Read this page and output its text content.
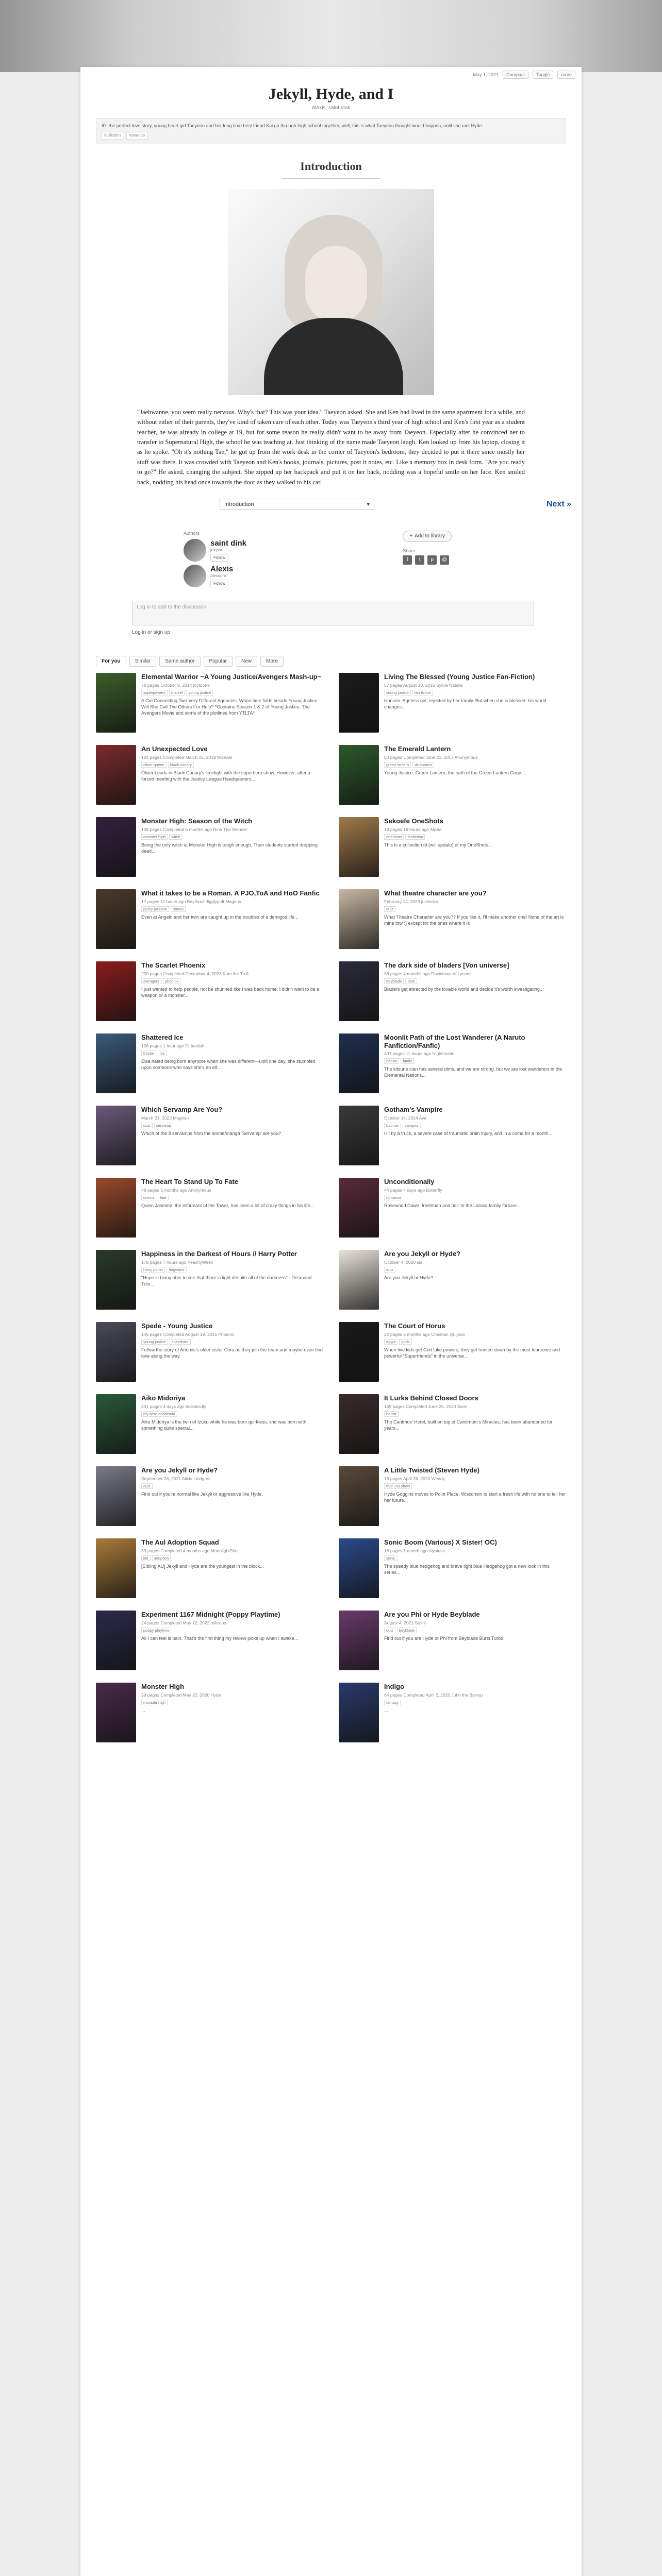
May 1, 2021	Compact	Toggle	more
Jekyll, Hyde, and I
Alexis, saint dink
It's the perfect love story, young heart girl Taeyeon and her long time best friend Kai go through high school together, well, this is what Taeyeon thought would happen, until she met Hyde.
fanfiction	romance
Introduction

"Jaehwanne, you seem really nervous. Why's that? This was your idea." Taeyeon asked. She and Ken had lived in the same apartment for a while, and without either of their parents, they've kind of taken care of each other. Today was Taeyeon's third year of high school and Ken's first year as a student teacher, he was already in college at 19, but for some reason he really didn't want to be away from Taeyeon. Especially after he convinced her to transfer to Supernatural High, the school he was teaching at. Just thinking of the name made Taeyeon laugh. Ken looked up from his laptop, closing it as he spoke. "Oh it's nothing Tae," he got up from the work desk in the corner of Taeyeon's bedroom, they decided to put it there since mostly her stuff was there. It was crowded with Taeyeon and Ken's books, journals, pictures, post it notes, etc. Like a memory box in desk form. "Are you ready to go?" He asked, changing the subject. She zipped up her backpack and put it on her back, nodding was a hopeful smile on her face. Ken smiled back, nodding his head once towards the door as they walked to his car.

Introduction	▾	Next »
Authors
saint dink
jekyim
Follow
Alexis
alexopru
Follow
+ Add to library
Share
f	t	p	@
Log in to add to the discussion
Log in or sign up
For you	Similar	Same author	Popular	New	More
Elemental Warrior ~A Young Justice/Avengers Mash-up~
78 pages October 8, 2014 joytdone
superpowers	marvel	young justice
A Girl Connecting Two Very Different Agencies: When time folds beside Young Justice. Will She Call The Others For Help? *Contains Season 1 & 2 of Young Justice, The Avengers Movie and some of the plotlines from YTLTA*
Living The Blessed (Young Justice Fan-Fiction)
57 pages August 10, 2016 Sylvie Natalie
young justice	fan fiction
Hansen. Ageless girl, rejected by her family. But when she is blessed, his world changes...
An Unexpected Love
104 pages Completed March 15, 2019 Michael
oliver queen	black canary
Oliver Leads in Black Canary's limelight with the superhero show. However, after a forced meeting with the Justice League Headquarters...
The Emerald Lantern
50 pages Completed June 21, 2017 Anonymous
green lantern	dc comics
Young Justice, Green Lantern, the oath of the Green Lantern Corps...
Monster High: Season of the Witch
108 pages Completed 5 months ago Rina The Wonder
monster high	witch
Being the only witch at Monster High is tough enough. Then students started dropping dead...
Sekoefe OneShots
19 pages 19 hours ago Alyzia
oneshots	fanfiction
This is a collection of (will update) of my OneShots...
What it takes to be a Roman. A PJO,ToA and HoO Fanfic
17 pages 11 hours ago Beythree Jigglypuff Magnus
percy jackson	roman
Even at Angelo and her twin are caught up in the troubles of a demigod life...
What theatre character are you?
February 14, 2023 justkeiko
quiz
What Theatre Character are you?? If you like it, I'll make another one! None of the art is mine btw :) except for the ones where it is
The Scarlet Phoenix
250 pages Completed December 4, 2023 Kato the Troll
avengers	phoenix
I just wanted to help people, not be shunned like I was back home. I didn't want to be a weapon or a monster...
The dark side of bladers [Von universe]
38 pages 4 months ago Downtown of Lycans
beyblade	dark
Bladers get attracted by the lovable world and decide it's worth investigating...
Shattered Ice
156 pages 1 hour ago Dr.bardah
frozen	ice
Elsa hated being born anymore when she was different—until one day, she stumbled upon someone who says she's an elf...
Moonlit Path of the Lost Wanderer (A Naruto Fanfiction/Fanfic)
407 pages 11 hours ago Nightshade
naruto	fanfic
The kitsune clan has several dims, and we are strong, but we are lost wanderers in the Elemental Nations...
Which Servamp Are You?
March 21, 2022 Meghan
quiz	servamp
Which of the 8 servamps from the anime/manga 'Servamp' are you?
Gotham's Vampire
October 14, 2014 Ava
batman	vampire
Hit by a truck, a severe case of traumatic brain injury, and in a coma for a month...
The Heart To Stand Up To Fate
48 pages 5 months ago Anonymous
drama	fate
Quinn Jasmine, the informant of the Tower, has seen a lot of crazy things in his life...
Unconditionally
44 pages 4 days ago Butterfly
romance
Rosewood Dawn, freshman and heir to the Larosa family fortune...
Happiness in the Darkest of Hours // Harry Potter
178 pages 7 hours ago PeachyWeen
harry potter	hogwarts
"Hope is being able to see that there is light despite all of the darkness" - Desmond Tutu...
Are you Jekyll or Hyde?
October 4, 2020 sia
quiz
Are you Jekyll or Hyde?
Spede - Young Justice
146 pages Completed August 19, 2016 Phoenix
young justice	speedster
Follow the story of Artemis's older sister Cora as they join the team and maybe even find love along the way.
The Court of Horus
22 pages 5 months ago Christian Quijano
egypt	gods
When five kids get God Like powers, they get hunted down by the most fearsome and powerful "Superfriends" in the universe...
Aiko Midoriya
431 pages 4 days ago Indistinctly
my hero academia
Aiko Midoriya is the twin of Izuku while he was born quirkless, she was born with something quite special...
It Lurks Behind Closed Doors
149 pages Completed June 20, 2020 Sami
horror
The Cantmos' Hotel, built on top of Cantimum's Miracles, has been abandoned for years...
Are you Jekyll or Hyde?
September 26, 2021 Alicia Lindgren
quiz
Find out if you're normal like Jekyll or aggressive like Hyde.
A Little Twisted (Steven Hyde)
19 pages April 26, 2020 Wendy
that 70s show
Hyde Goggins moves to Point Place, Wisconsin to start a fresh life with no one to tell her her future...
The Aul Adoption Squad
33 pages Completed 4 months ago MoonlightShot
kid	adoption
[Sibling AU] Jekyll and Hyde are the youngest in the block...
Sonic Boom (Various) X Sister! OC)
18 pages 1 month ago Alysiuse
sonic
The speedy blue hedgehog and brave light blue Hedgehog got a new look in this series...
Experiment 1167 Midnight (Poppy Playtime)
24 pages Completed May 12, 2022 mikrobo
poppy playtime
All I can feel is pain. That's the first thing my review picks up when I awake...
Are you Phi or Hyde Beyblade
August 4, 2021 Sushi
quiz	beyblade
Find out if you are Hyde or Phi from Beyblade Burst Turbo!
Monster High
39 pages Completed May 22, 2020 Hyde
monster high
...
Indigo
84 pages Completed April 2, 2020 John the Bishop
fantasy
...
